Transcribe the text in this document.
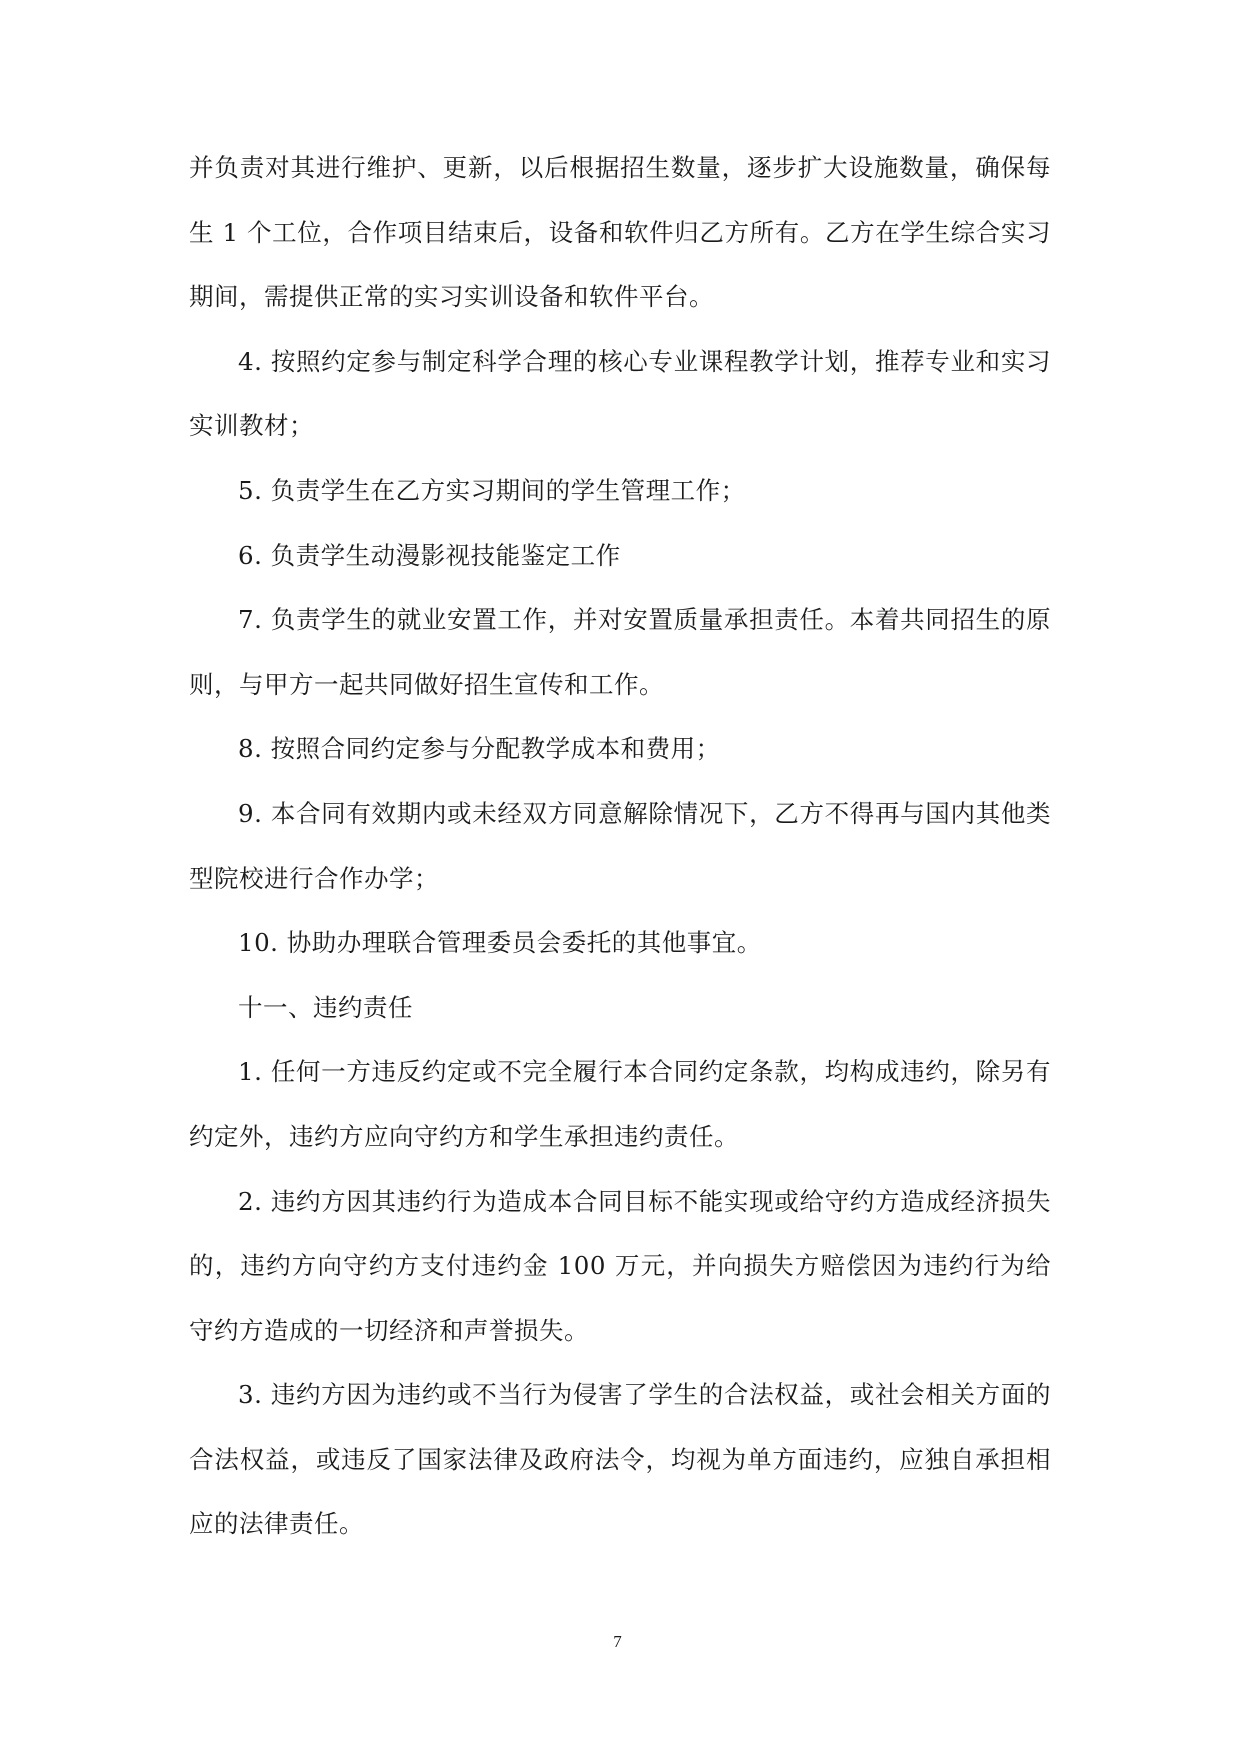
并负责对其进行维护、更新，以后根据招生数量，逐步扩大设施数量，确保每生 1 个工位，合作项目结束后，设备和软件归乙方所有。乙方在学生综合实习期间，需提供正常的实习实训设备和软件平台。

4. 按照约定参与制定科学合理的核心专业课程教学计划，推荐专业和实习实训教材；

5. 负责学生在乙方实习期间的学生管理工作；

6. 负责学生动漫影视技能鉴定工作

7. 负责学生的就业安置工作，并对安置质量承担责任。本着共同招生的原则，与甲方一起共同做好招生宣传和工作。

8. 按照合同约定参与分配教学成本和费用；

9. 本合同有效期内或未经双方同意解除情况下，乙方不得再与国内其他类型院校进行合作办学；

10. 协助办理联合管理委员会委托的其他事宜。

十一、违约责任

1. 任何一方违反约定或不完全履行本合同约定条款，均构成违约，除另有约定外，违约方应向守约方和学生承担违约责任。

2. 违约方因其违约行为造成本合同目标不能实现或给守约方造成经济损失的，违约方向守约方支付违约金 100 万元，并向损失方赔偿因为违约行为给守约方造成的一切经济和声誉损失。

3. 违约方因为违约或不当行为侵害了学生的合法权益，或社会相关方面的合法权益，或违反了国家法律及政府法令，均视为单方面违约，应独自承担相应的法律责任。

7
